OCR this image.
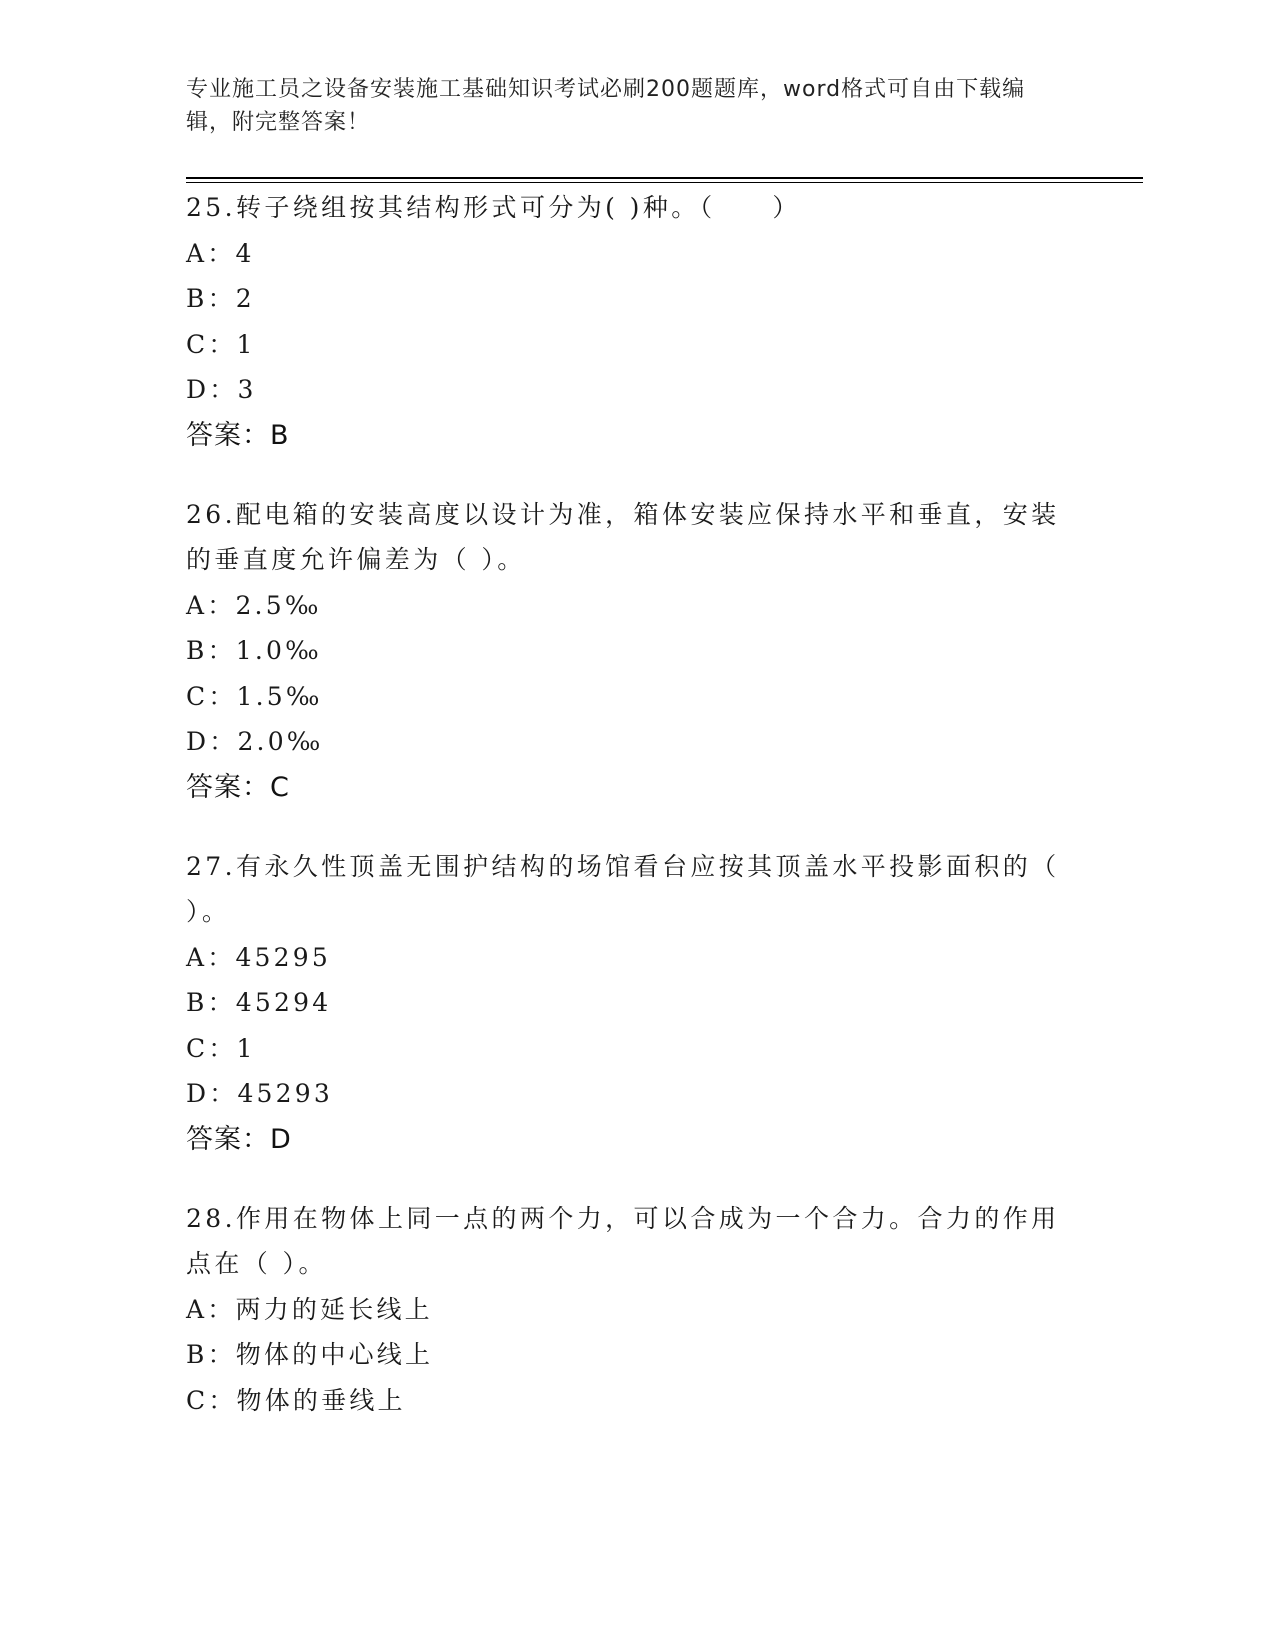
专业施工员之设备安装施工基础知识考试必刷200题题库，word格式可自由下载编辑，附完整答案！
25.转子绕组按其结构形式可分为( )种。（　　）
A：4
B：2
C：1
D：3
答案：B
26.配电箱的安装高度以设计为准，箱体安装应保持水平和垂直，安装的垂直度允许偏差为（ ）。
A：2.5‰
B：1.0‰
C：1.5‰
D：2.0‰
答案：C
27.有永久性顶盖无围护结构的场馆看台应按其顶盖水平投影面积的（ ）。
A：45295
B：45294
C：1
D：45293
答案：D
28.作用在物体上同一点的两个力，可以合成为一个合力。合力的作用点在（ ）。
A：两力的延长线上
B：物体的中心线上
C：物体的垂线上
